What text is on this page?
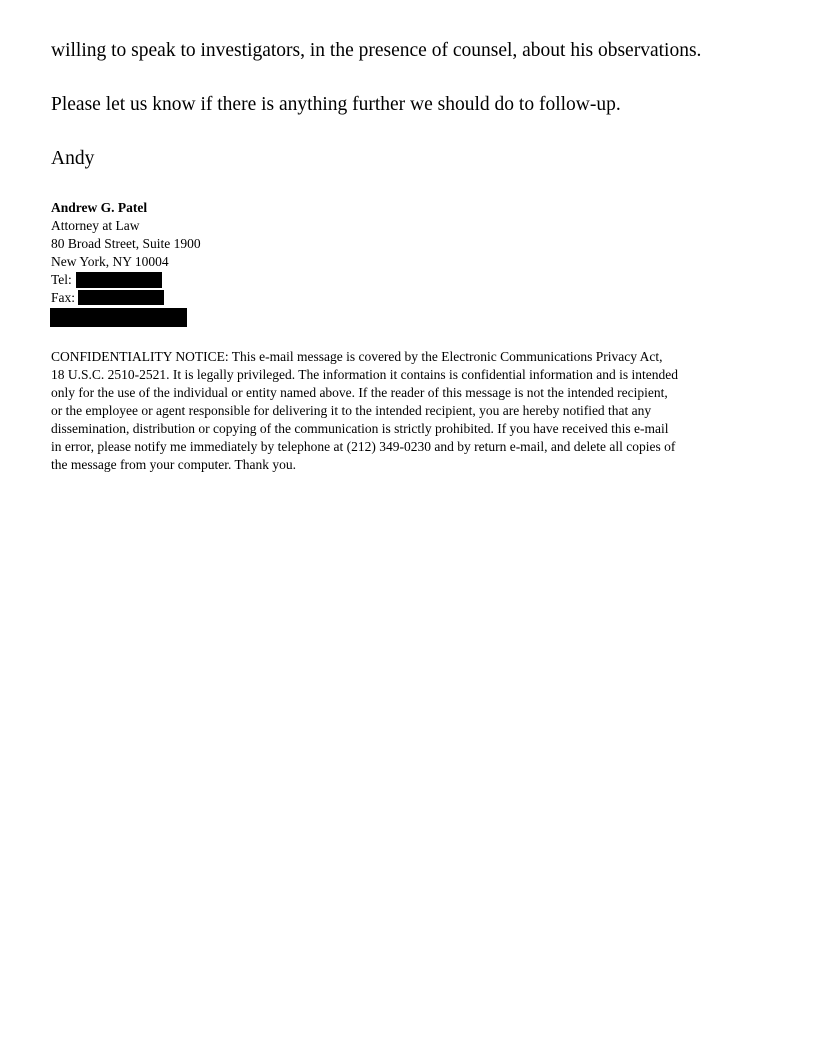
willing to speak to investigators, in the presence of counsel, about his observations.

Please let us know if there is anything further we should do to follow-up.

Andy

Andrew G. Patel
Attorney at Law
80 Broad Street, Suite 1900
New York, NY 10004
Tel:
Fax:
CONFIDENTIALITY NOTICE: This e-mail message is covered by the Electronic Communications Privacy Act,
18 U.S.C. 2510-2521. It is legally privileged. The information it contains is confidential information and is intended
only for the use of the individual or entity named above. If the reader of this message is not the intended recipient,
or the employee or agent responsible for delivering it to the intended recipient, you are hereby notified that any
dissemination, distribution or copying of the communication is strictly prohibited. If you have received this e-mail
in error, please notify me immediately by telephone at (212) 349-0230 and by return e-mail, and delete all copies of
the message from your computer. Thank you.
